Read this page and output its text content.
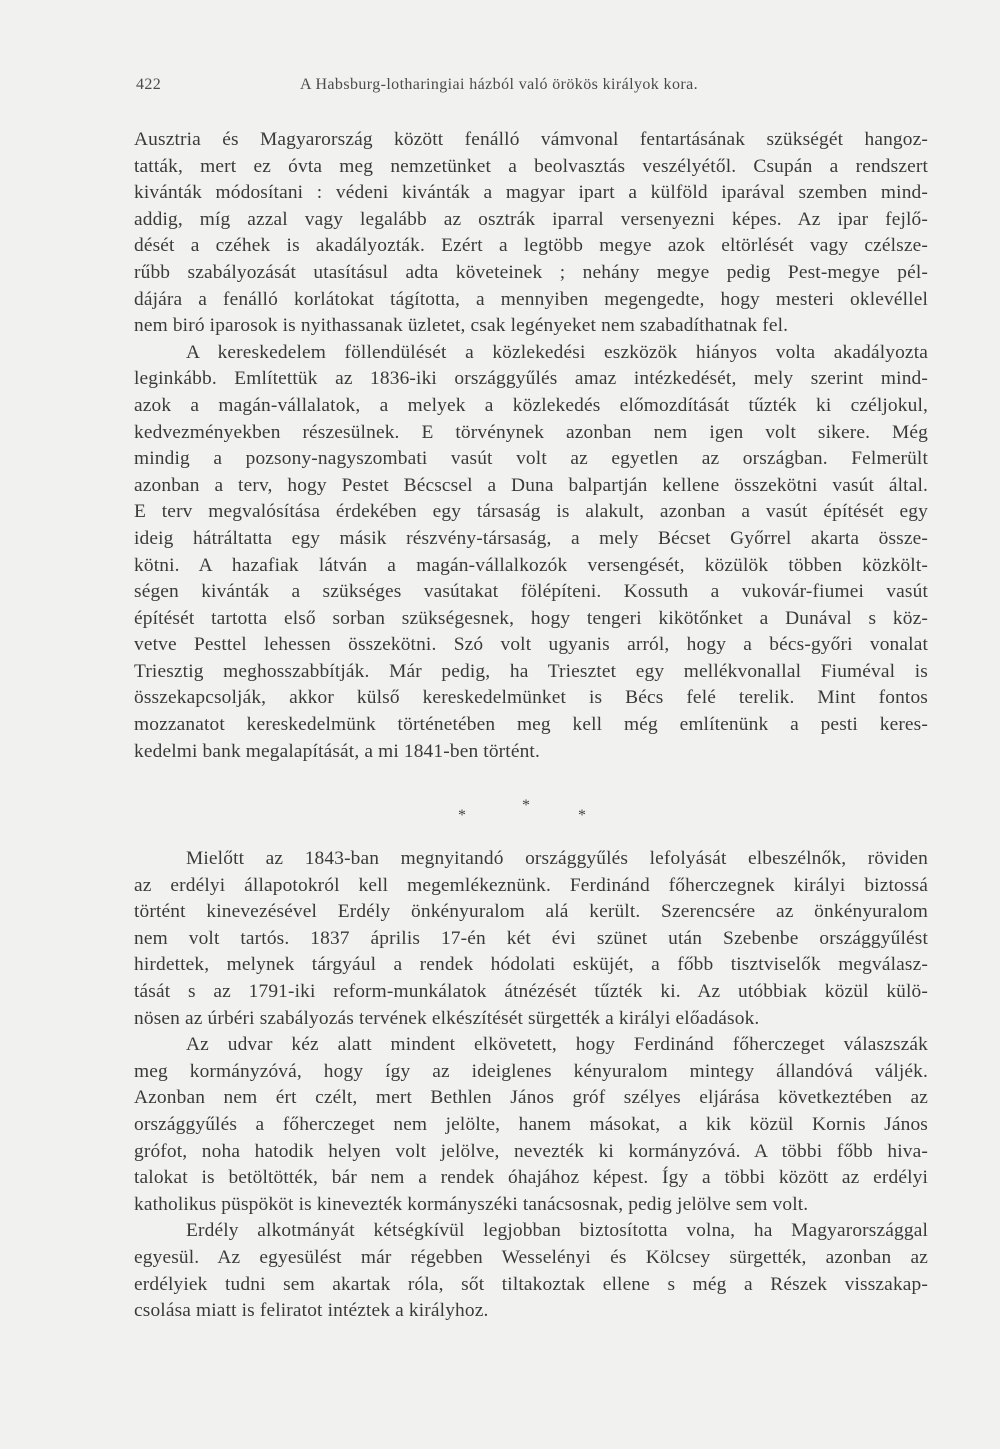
422	A Habsburg-lotharingiai házból való örökös királyok kora.
Ausztria és Magyarország között fenálló vámvonal fentartásának szükségét hangoz-
tatták, mert ez óvta meg nemzetünket a beolvasztás veszélyétől. Csupán a rendszert
kivánták módosítani : védeni kivánták a magyar ipart a külföld iparával szemben mind-
addig, míg azzal vagy legalább az osztrák iparral versenyezni képes. Az ipar fejlő-
dését a czéhek is akadályozták. Ezért a legtöbb megye azok eltörlését vagy czélsze-
rűbb szabályozását utasításul adta követeinek ; nehány megye pedig Pest-megye pél-
dájára a fenálló korlátokat tágította, a mennyiben megengedte, hogy mesteri oklevéllel
nem biró iparosok is nyithassanak üzletet, csak legényeket nem szabadíthatnak fel.
A kereskedelem föllendülését a közlekedési eszközök hiányos volta akadályozta
leginkább. Említettük az 1836-iki országgyűlés amaz intézkedését, mely szerint mind-
azok a magán-vállalatok, a melyek a közlekedés előmozdítását tűzték ki czéljokul,
kedvezményekben részesülnek. E törvénynek azonban nem igen volt sikere. Még
mindig a pozsony-nagyszombati vasút volt az egyetlen az országban. Felmerült
azonban a terv, hogy Pestet Bécscsel a Duna balpartján kellene összekötni vasút által.
E terv megvalósítása érdekében egy társaság is alakult, azonban a vasút építését egy
ideig hátráltatta egy másik részvény-társaság, a mely Bécset Győrrel akarta össze-
kötni. A hazafiak látván a magán-vállalkozók versengését, közülök többen közkölt-
ségen kivánták a szükséges vasútakat fölépíteni. Kossuth a vukovár-fiumei vasút
építését tartotta első sorban szükségesnek, hogy tengeri kikötőnket a Dunával s köz-
vetve Pesttel lehessen összekötni. Szó volt ugyanis arról, hogy a bécs-győri vonalat
Triesztig meghosszabbítják. Már pedig, ha Triesztet egy mellékvonallal Fiuméval is
összekapcsolják, akkor külső kereskedelmünket is Bécs felé terelik. Mint fontos
mozzanatot kereskedelmünk történetében meg kell még említenünk a pesti keres-
kedelmi bank megalapítását, a mi 1841-ben történt.
*
*
*
Mielőtt az 1843-ban megnyitandó országgyűlés lefolyását elbeszélnők, röviden
az erdélyi állapotokról kell megemlékeznünk. Ferdinánd főherczegnek királyi biztossá
történt kinevezésével Erdély önkényuralom alá került. Szerencsére az önkényuralom
nem volt tartós. 1837 április 17-én két évi szünet után Szebenbe országgyűlést
hirdettek, melynek tárgyául a rendek hódolati esküjét, a főbb tisztviselők megválasz-
tását s az 1791-iki reform-munkálatok átnézését tűzték ki. Az utóbbiak közül külö-
nösen az úrbéri szabályozás tervének elkészítését sürgették a királyi előadások.
Az udvar kéz alatt mindent elkövetett, hogy Ferdinánd főherczeget válaszszák
meg kormányzóvá, hogy így az ideiglenes kényuralom mintegy állandóvá váljék.
Azonban nem ért czélt, mert Bethlen János gróf szélyes eljárása következtében az
országgyűlés a főherczeget nem jelölte, hanem másokat, a kik közül Kornis János
grófot, noha hatodik helyen volt jelölve, nevezték ki kormányzóvá. A többi főbb hiva-
talokat is betöltötték, bár nem a rendek óhajához képest. Így a többi között az erdélyi
katholikus püspököt is kinevezték kormányszéki tanácsosnak, pedig jelölve sem volt.
Erdély alkotmányát kétségkívül legjobban biztosította volna, ha Magyarországgal
egyesül. Az egyesülést már régebben Wesselényi és Kölcsey sürgették, azonban az
erdélyiek tudni sem akartak róla, sőt tiltakoztak ellene s még a Részek visszakap-
csolása miatt is feliratot intéztek a királyhoz.
